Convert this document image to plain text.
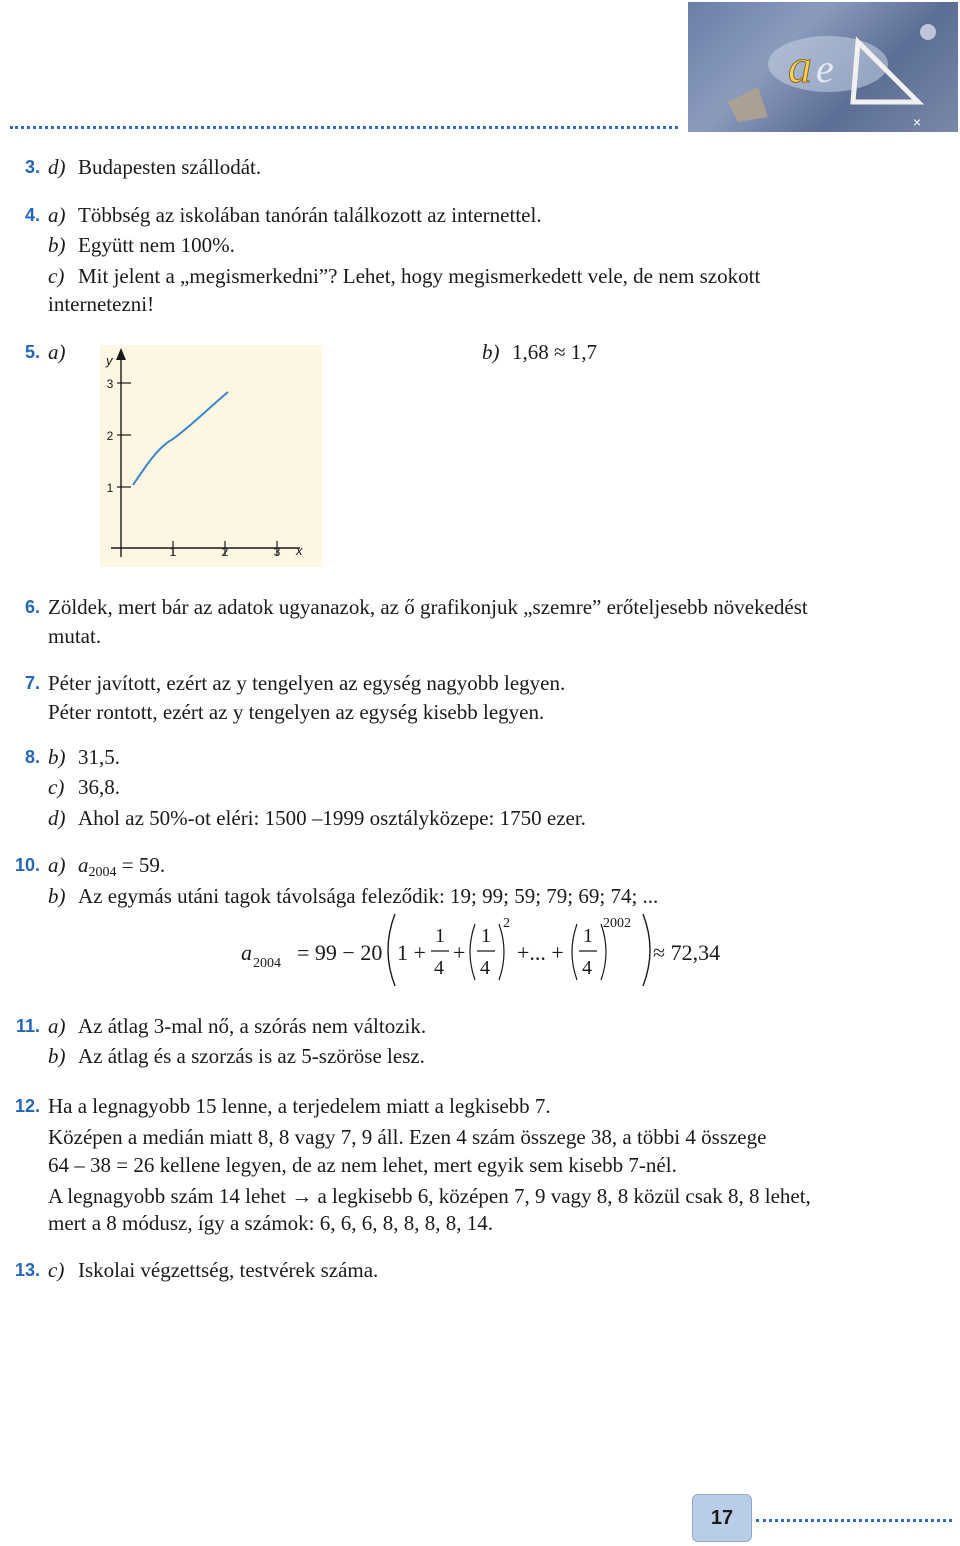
a e
×
3. d) Budapesten szállodát.
4. a) Többség az iskolában tanórán találkozott az internettel.
b) Együtt nem 100%.
c) Mit jelent a „megismerkedni”? Lehet, hogy megismerkedett vele, de nem szokott
internetezni!
5. a)	b) 1,68 ≈ 1,7
y
x
3
2
1
1	2	3
6. Zöldek, mert bár az adatok ugyanazok, az ő grafikonjuk „szemre” erőteljesebb növekedést
mutat.
7. Péter javított, ezért az y tengelyen az egység nagyobb legyen.
Péter rontott, ezért az y tengelyen az egység kisebb legyen.
8. b) 31,5.
c) 36,8.
d) Ahol az 50%-ot eléri: 1500 –1999 osztályközepe: 1750 ezer.
10. a) $a_{2004} = 59$.
b) Az egymás utáni tagok távolsága feleződik: 19; 99; 59; 79; 69; 74; ...
a 2004 = 99 − 20 1 +
1
4
+
1
4
2
+... +
1
4
2002
≈ 72,34
11. a) Az átlag 3-mal nő, a szórás nem változik.
b) Az átlag és a szorzás is az 5-szöröse lesz.
12. Ha a legnagyobb 15 lenne, a terjedelem miatt a legkisebb 7.
Középen a medián miatt 8, 8 vagy 7, 9 áll. Ezen 4 szám összege 38, a többi 4 összege
64 – 38 = 26 kellene legyen, de az nem lehet, mert egyik sem kisebb 7-nél.
A legnagyobb szám 14 lehet → a legkisebb 6, középen 7, 9 vagy 8, 8 közül csak 8, 8 lehet,
mert a 8 módusz, így a számok: 6, 6, 6, 8, 8, 8, 8, 14.
13. c) Iskolai végzettség, testvérek száma.
17
